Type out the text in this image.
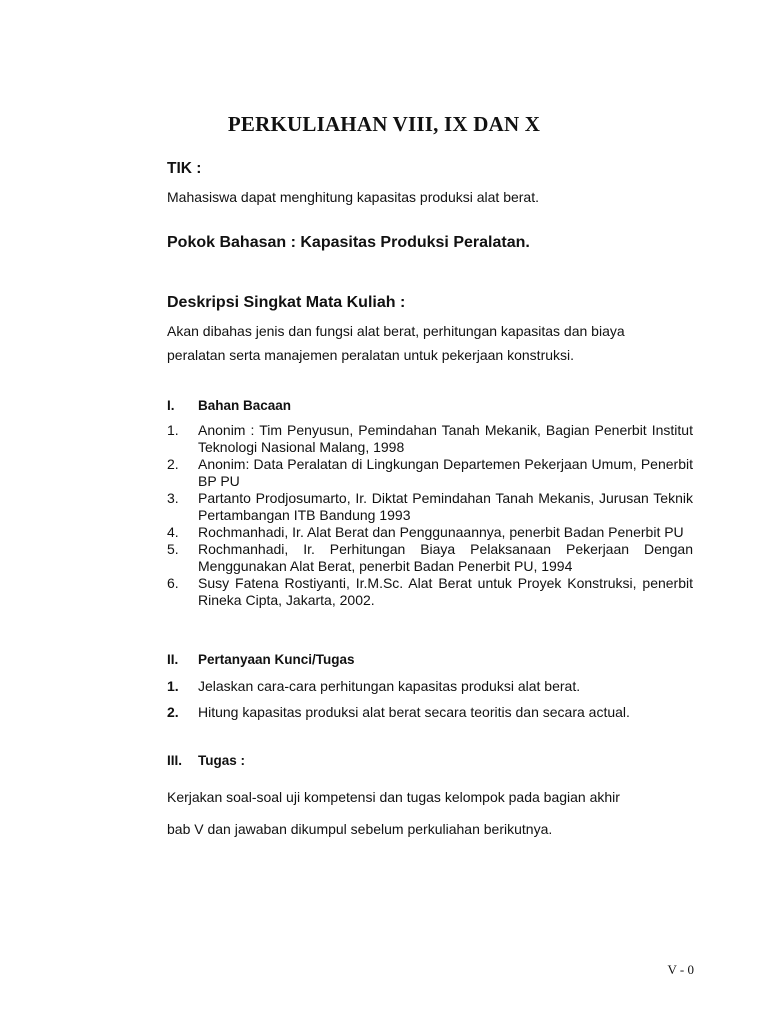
PERKULIAHAN VIII, IX DAN X
TIK :
Mahasiswa dapat menghitung kapasitas produksi alat berat.
Pokok Bahasan : Kapasitas Produksi Peralatan.
Deskripsi Singkat Mata Kuliah :
Akan dibahas jenis dan fungsi alat berat, perhitungan kapasitas dan biaya
peralatan serta manajemen peralatan untuk pekerjaan konstruksi.
I. Bahan Bacaan
1.	Anonim : Tim Penyusun, Pemindahan Tanah Mekanik, Bagian Penerbit Institut Teknologi Nasional Malang, 1998
2.	Anonim: Data Peralatan di Lingkungan Departemen Pekerjaan Umum, Penerbit BP PU
3.	Partanto Prodjosumarto, Ir. Diktat Pemindahan Tanah Mekanis, Jurusan Teknik Pertambangan ITB Bandung 1993
4.	Rochmanhadi, Ir. Alat Berat dan Penggunaannya, penerbit Badan Penerbit PU
5.	Rochmanhadi, Ir. Perhitungan Biaya Pelaksanaan Pekerjaan Dengan Menggunakan Alat Berat, penerbit Badan Penerbit PU, 1994
6.	Susy Fatena Rostiyanti, Ir.M.Sc. Alat Berat untuk Proyek Konstruksi, penerbit Rineka Cipta, Jakarta, 2002.
II. Pertanyaan Kunci/Tugas
1.	Jelaskan cara-cara perhitungan kapasitas produksi alat berat.
2.	Hitung kapasitas produksi alat berat secara teoritis dan secara actual.
III. Tugas :
Kerjakan soal-soal uji kompetensi dan tugas kelompok pada bagian akhir
bab V dan jawaban dikumpul sebelum perkuliahan berikutnya.
V - 0
